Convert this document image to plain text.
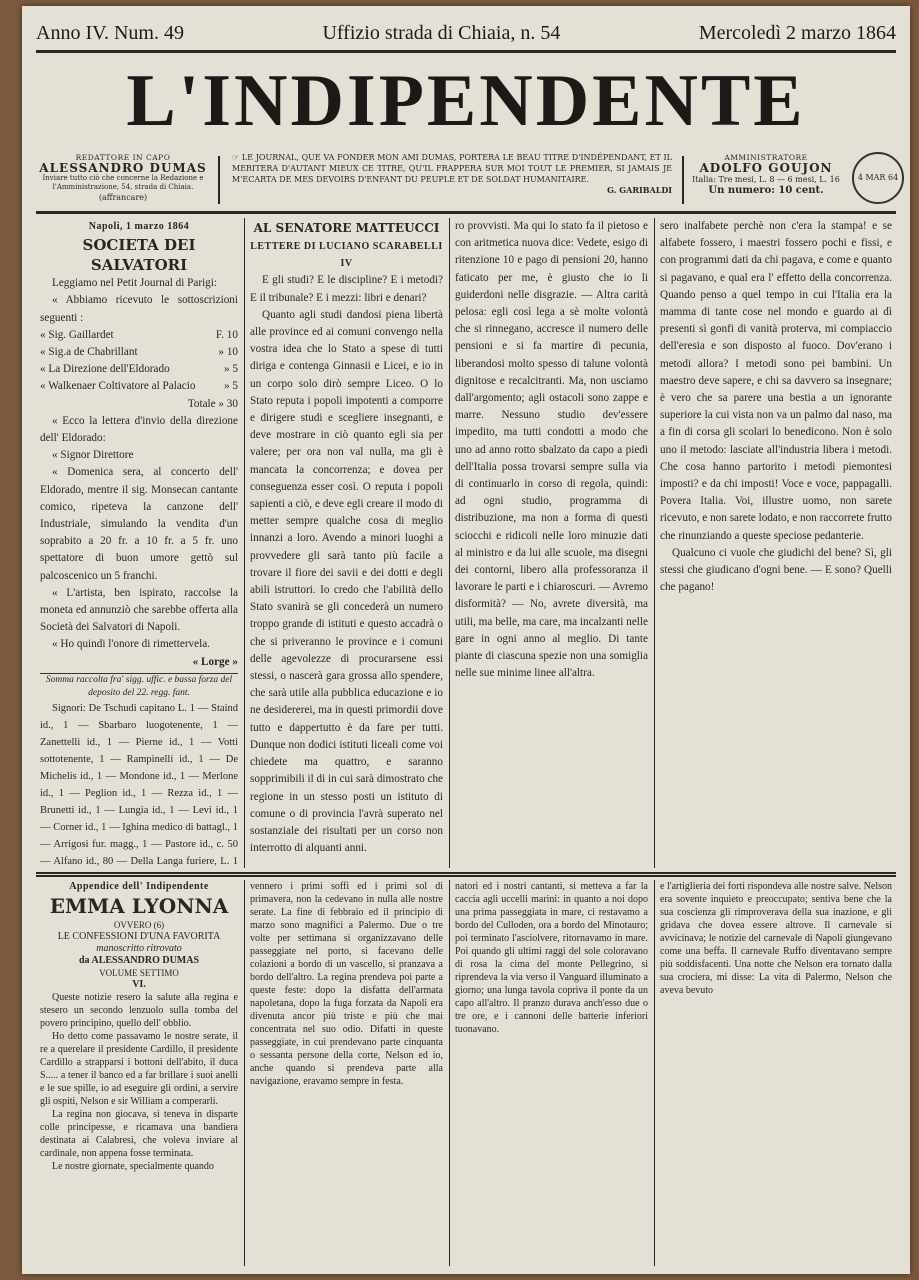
Anno IV. Num. 49	Uffizio strada di Chiaia, n. 54	Mercoledì 2 marzo 1864
L'INDIPENDENTE
REDATTORE IN CAPO
ALESSANDRO DUMAS
Inviare tutto ciò che concerne la Redazione e l'Amministrazione, 54, strada di Chiaia.
(affrancare)
☞ LE JOURNAL, QUE VA FONDER MON AMI DUMAS, PORTERA LE BEAU TITRE D'INDÉPENDANT, ET IL MERITERA D'AUTANT MIEUX CE TITRE, QU'IL FRAPPERA SUR MOI TOUT LE PREMIER, SI JAMAIS JE M'ECARTA DE MES DEVOIRS D'ENFANT DU PEUPLE ET DE SOLDAT HUMANITAIRE.
G. GARIBALDI
AMMINISTRATORE
ADOLFO GOUJON
Italia: Tre mesi, L. 8 — 6 mesi, L. 16
Un numero: 10 cent.
4 MAR 64
Napoli, 1 marzo 1864
SOCIETA DEI SALVATORI

Leggiamo nel Petit Journal di Parigi:

« Abbiamo ricevuto le sottoscrizioni seguenti :

« Sig. Gaillardet	F. 10
« Sig.a de Chabrillant	» 10
« La Direzione dell'Eldorado	» 5
« Walkenaer Coltivatore al Palacio	» 5
Totale » 30

« Ecco la lettera d'invio della direzione dell' Eldorado:

« Signor Direttore

« Domenica sera, al concerto dell' Eldorado, mentre il sig. Monsecan cantante comico, ripeteva la canzone dell' Industriale, simulando la vendita d'un soprabito a 20 fr. a 10 fr. a 5 fr. uno spettatore di buon umore gettò sul palcoscenico un 5 franchi.

« L'artista, ben ispirato, raccolse la moneta ed annunziò che sarebbe offerta alla Società dei Salvatori di Napoli.

« Ho quindi l'onore di rimettervela.

« Lorge »
Somma raccolta fra' sigg. uffic. e bassa forza del deposito del 22. regg. fant.

Signori: De Tschudi capitano L. 1 — Staind id., 1 — Sbarbaro luogotenente, 1 — Zanettelli id., 1 — Pierne id., 1 — Votti sottotenente, 1 — Rampinelli id., 1 — De Michelis id., 1 — Mondone id., 1 — Merlone id., 1 — Peglion id., 1 — Rezza id., 1 — Brunetti id., 1 — Lungia id., 1 — Levi id., 1 — Corner id., 1 — Ighina medico di battagl., 1 — Arrigosi fur. magg., 1 — Pastore id., c. 50 — Alfano id., 80 — Della Langa furiere, L. 1

AL SENATORE MATTEUCCI
LETTERE DI LUCIANO SCARABELLI
IV

E gli studi? E le discipline? E i metodi? E il tribunale? E i mezzi: libri e denari?

Quanto agli studi dandosi piena libertà alle province ed ai comuni convengo nella vostra idea che lo Stato a spese di tutti diriga e contenga Ginnasii e Licei, e io in un corpo solo dirò sempre Liceo. O lo Stato reputa i popoli impotenti a comporre e dirigere studi e scegliere insegnanti, e deve mostrare in ciò quanto egli sia per valere; per ora non val nulla, ma gli è mancata la concorrenza; e dovea per conseguenza esser così. O reputa i popoli sapienti a ciò, e deve egli creare il modo di metter sempre qualche cosa di meglio innanzi a loro. Avendo a minori luoghi a provvedere gli sarà tanto più facile a trovare il fiore dei savii e dei dotti e degli abili istruttori. Io credo che l'abilità dello Stato svanirà se gli concederà un numero troppo grande di istituti e questo accadrà o che si priveranno le province e i comuni delle agevolezze di procurarsene essi stessi, o nascerà gara grossa allo spendere, che sarà utile alla pubblica educazione e io ne desidererei, ma in questi primordii dove tutto e dappertutto è da fare per tutti. Dunque non dodici istituti liceali come voi chiedete ma quattro, e saranno sopprimibili il di in cui sarà dimostrato che regione in un stesso posti un istituto di comune o di provincia l'avrà superato nel sostanziale dei risultati per un corso non interrotto di alquanti anni.

ro provvisti. Ma qui lo stato fa il pietoso e con aritmetica nuova dice: Vedete, esigo di ritenzione 10 e pago di pensioni 20, hanno faticato per me, è giusto che io li guiderdoni nelle disgrazie. — Altra carità pelosa: egli così lega a sè molte volontà che si rinnegano, accresce il numero delle pensioni e si fa martire di pecunia, liberandosi molto spesso di talune volontà dignitose e recalcitranti. Ma, non usciamo dall'argomento; agli ostacoli sono zappe e marre. Nessuno studio dev'essere impedito, ma tutti condotti a modo che uno ad anno rotto sbalzato da capo a piedi dell'Italia possa trovarsi sempre sulla via di continuarlo in corso di regola, quindi: ad ogni studio, programma di distribuzione, ma non a forma di questi sciocchi e ridicoli nelle loro minuzie dati al ministro e da lui alle scuole, ma disegni dei contorni, libero alla professoranza il lavorare le parti e i chiaroscuri. — Avremo disformità? — No, avrete diversità, ma utili, ma belle, ma care, ma incalzanti nelle gare in ogni anno al meglio. Di tante piante di ciascuna spezie non una somiglia nelle sue minime linee all'altra.

sero inalfabete perchè non c'era la stampa! e se alfabete fossero, i maestri fossero pochi e fissi, e con programmi dati da chi pagava, e come e quanto si pagavano, e qual era l' effetto della concorrenza. Quando penso a quel tempo in cui l'Italia era la mamma di tante cose nel mondo e guardo ai dì presenti sì gonfi di vanità proterva, mi compiaccio dell'eresia e son disposto al fuoco. Dov'erano i metodi allora? I metodi sono pei bambini. Un maestro deve sapere, e chi sa davvero sa insegnare; è vero che sa parere una bestia a un ignorante superiore la cui vista non va un palmo dal naso, ma a fin di corsa gli scolari lo benedicono. Non è solo uno il metodo: lasciate all'industria libera i metodi. Che cosa hanno partorito i metodi piemontesi imposti? e da chi imposti! Voce e voce, pappagalli. Povera Italia. Voi, illustre uomo, non sarete ricevuto, e non sarete lodato, e non raccorrete frutto che rinunziando a queste speciose pedanterie.

Qualcuno ci vuole che giudichi del bene? Sì, gli stessi che giudicano d'ogni bene. — E sono? Quelli che pagano!

Appendice dell' Indipendente
EMMA LYONNA
OVVERO (6)
LE CONFESSIONI D'UNA FAVORITA
manoscritto ritrovato
da ALESSANDRO DUMAS
VOLUME SETTIMO
VI.

Queste notizie resero la salute alla regina e stesero un secondo lenzuolo sulla tomba del povero principino, quello dell' obblio.

Ho detto come passavamo le nostre serate, il re a querelare il presidente Cardillo, il presidente Cardillo a strapparsi i bottoni dell'abito, il duca S..... a tener il banco ed a far brillare i suoi anelli e le sue spille, io ad eseguire gli ordini, a servire gli ospiti, Nelson e sir William a comperarli.

La regina non giocava, si teneva in disparte colle principesse, e ricamava una bandiera destinata ai Calabresi, che voleva inviare al cardinale, non appena fosse terminata.

Le nostre giornate, specialmente quando

vennero i primi soffi ed i primi sol di primavera, non la cedevano in nulla alle nostre serate. La fine di febbraio ed il principio di marzo sono magnifici a Palermo. Due o tre volte per settimana si organizzavano delle passeggiate nel porto, si facevano delle colazioni a bordo di un vascello, si pranzava a bordo dell'altro. La regina prendeva poi parte a queste feste: dopo la disfatta dell'armata napoletana, dopo la fuga forzata da Napoli era divenuta ancor più triste e più che mai concentrata nel suo odio. Difatti in queste passeggiate, in cui prendevano parte cinquanta o sessanta persone della corte, Nelson ed io, anche quando si prendeva parte alla navigazione, eravamo sempre in festa.

natori ed i nostri cantanti, si metteva a far la caccia agli uccelli marini: in quanto a noi dopo una prima passeggiata in mare, ci restavamo a bordo del Culloden, ora a bordo del Minotauro; poi terminato l'asciolvere, ritornavamo in mare. Poi quando gli ultimi raggi del sole coloravano di rosa la cima del monte Pellegrino, si riprendeva la via verso il Vanguard illuminato a giorno; una lunga tavola copriva il ponte da un capo all'altro. Il pranzo durava anch'esso due o tre ore, e i cannoni delle batterie inferiori tuonavano.

e l'artiglieria dei forti rispondeva alle nostre salve. Nelson era sovente inquieto e preoccupato; sentiva bene che la sua coscienza gli rimproverava della sua inazione, e gli gridava che dovea essere altrove. Il carnevale si avvicinava; le notizie del carnevale di Napoli giungevano come una beffa. Il carnevale Ruffo diventavano sempre più soddisfacenti. Una notte che Nelson era tornato dalla sua crociera, mi disse: La vita di Palermo, Nelson che aveva bevuto
